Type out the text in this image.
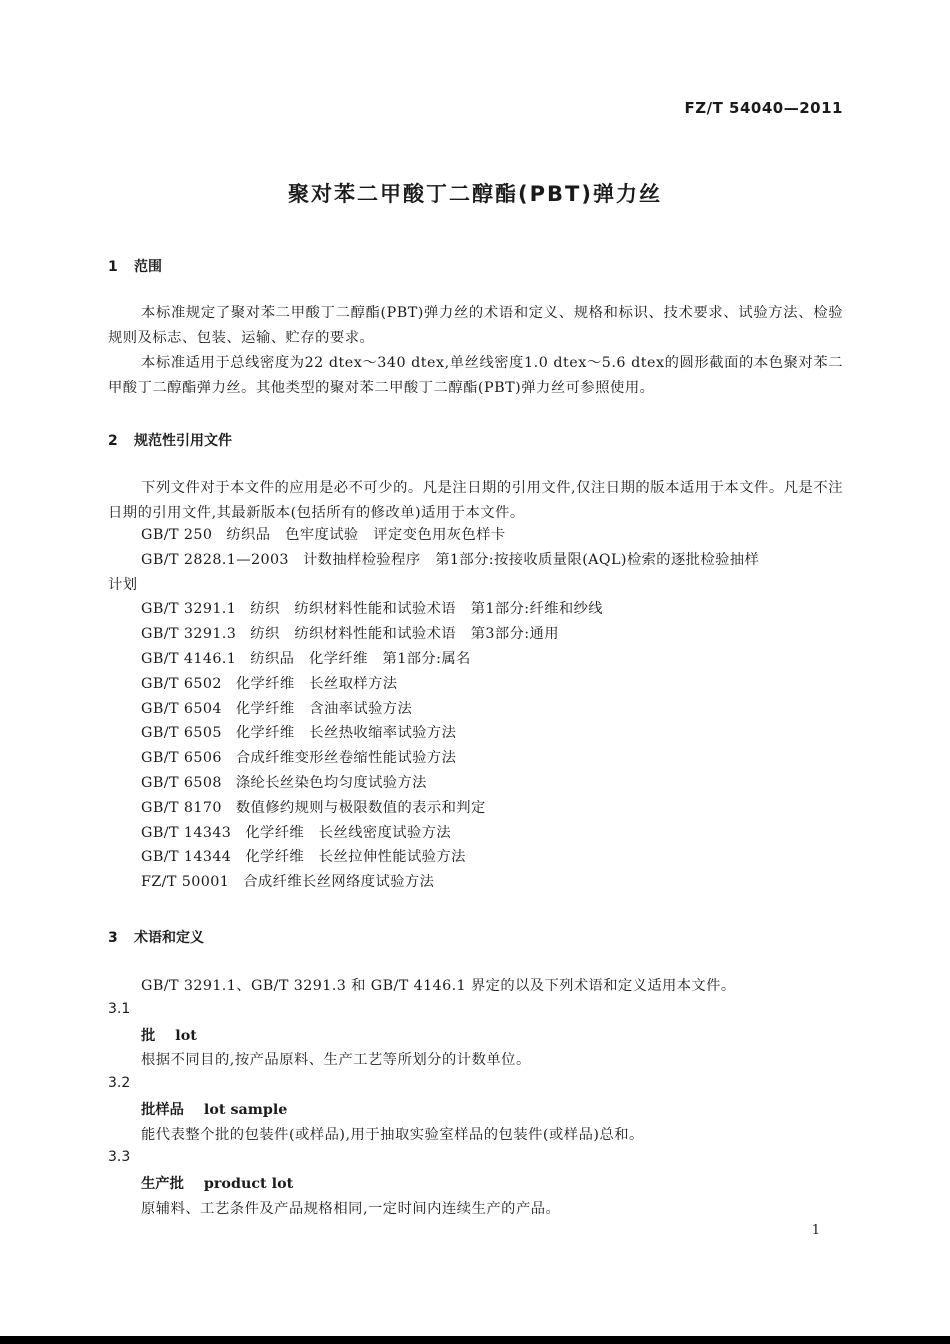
FZ/T 54040—2011
聚对苯二甲酸丁二醇酯(PBT)弹力丝
1 范围
本标准规定了聚对苯二甲酸丁二醇酯(PBT)弹力丝的术语和定义、规格和标识、技术要求、试验方法、检验规则及标志、包装、运输、贮存的要求。
本标准适用于总线密度为22 dtex～340 dtex,单丝线密度1.0 dtex～5.6 dtex的圆形截面的本色聚对苯二甲酸丁二醇酯弹力丝。其他类型的聚对苯二甲酸丁二醇酯(PBT)弹力丝可参照使用。
2 规范性引用文件
下列文件对于本文件的应用是必不可少的。凡是注日期的引用文件,仅注日期的版本适用于本文件。凡是不注日期的引用文件,其最新版本(包括所有的修改单)适用于本文件。
GB/T 250 纺织品　色牢度试验　评定变色用灰色样卡
GB/T 2828.1—2003 计数抽样检验程序　第1部分:按接收质量限(AQL)检索的逐批检验抽样
计划
GB/T 3291.1 纺织　纺织材料性能和试验术语　第1部分:纤维和纱线
GB/T 3291.3 纺织　纺织材料性能和试验术语　第3部分:通用
GB/T 4146.1 纺织品　化学纤维　第1部分:属名
GB/T 6502 化学纤维　长丝取样方法
GB/T 6504 化学纤维　含油率试验方法
GB/T 6505 化学纤维　长丝热收缩率试验方法
GB/T 6506 合成纤维变形丝卷缩性能试验方法
GB/T 6508 涤纶长丝染色均匀度试验方法
GB/T 8170 数值修约规则与极限数值的表示和判定
GB/T 14343 化学纤维　长丝线密度试验方法
GB/T 14344 化学纤维　长丝拉伸性能试验方法
FZ/T 50001 合成纤维长丝网络度试验方法
3 术语和定义
GB/T 3291.1、GB/T 3291.3 和 GB/T 4146.1 界定的以及下列术语和定义适用本文件。
3.1
批 lot
根据不同目的,按产品原料、生产工艺等所划分的计数单位。
3.2
批样品 lot sample
能代表整个批的包装件(或样品),用于抽取实验室样品的包装件(或样品)总和。
3.3
生产批 product lot
原辅料、工艺条件及产品规格相同,一定时间内连续生产的产品。
1
